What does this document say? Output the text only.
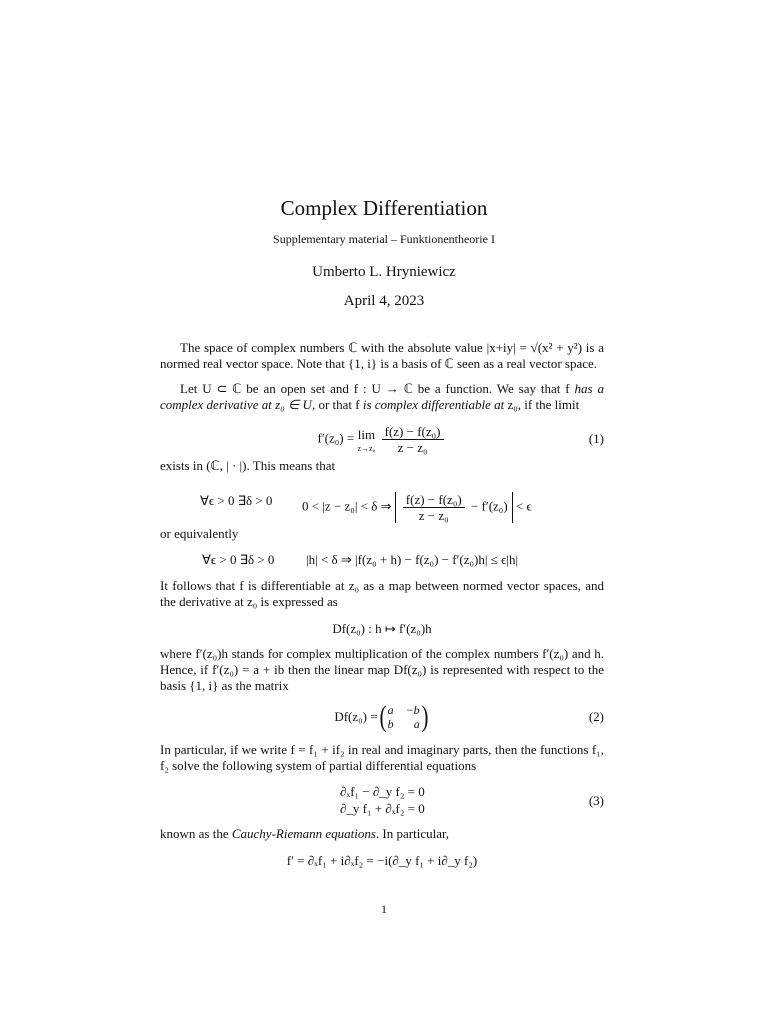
Complex Differentiation
Supplementary material – Funktionentheorie I
Umberto L. Hryniewicz
April 4, 2023
The space of complex numbers ℂ with the absolute value |x+iy| = √(x² + y²) is a normed real vector space. Note that {1, i} is a basis of ℂ seen as a real vector space.
Let U ⊂ ℂ be an open set and f : U → ℂ be a function. We say that f has a complex derivative at z₀ ∈ U, or that f is complex differentiable at z₀, if the limit
f′(z₀) = lim
z→z₀
$\frac{\text{f(z) − f(z₀)}}{\text{z − z₀}}$	(1)
exists in (ℂ, | · |). This means that
∀ϵ > 0 ∃δ > 0 0 < |z − z₀| < δ ⇒ $\frac{\text{f(z) − f(z₀)}}{\text{z − z₀}} - f'(z_0) < \epsilon$
or equivalently
∀ϵ > 0 ∃δ > 0 |h| < δ ⇒ |f(z₀ + h) − f(z₀) − f′(z₀)h| ≤ ϵ|h|
It follows that f is differentiable at z₀ as a map between normed vector spaces, and the derivative at z₀ is expressed as
Df(z₀) : h ↦ f′(z₀)h
where f′(z₀)h stands for complex multiplication of the complex numbers f′(z₀) and h. Hence, if f′(z₀) = a + ib then the linear map Df(z₀) is represented with respect to the basis {1, i} as the matrix
Df(z₀) = ( a −b
b	a )	(2)
In particular, if we write f = f₁ + if₂ in real and imaginary parts, then the functions f₁, f₂ solve the following system of partial differential equations
∂ₓf₁ − ∂_y f₂ = 0
∂_y f₁ + ∂ₓf₂ = 0
(3)
known as the Cauchy-Riemann equations. In particular,
f′ = ∂ₓf₁ + i∂ₓf₂ = −i(∂_y f₁ + i∂_y f₂)
1
